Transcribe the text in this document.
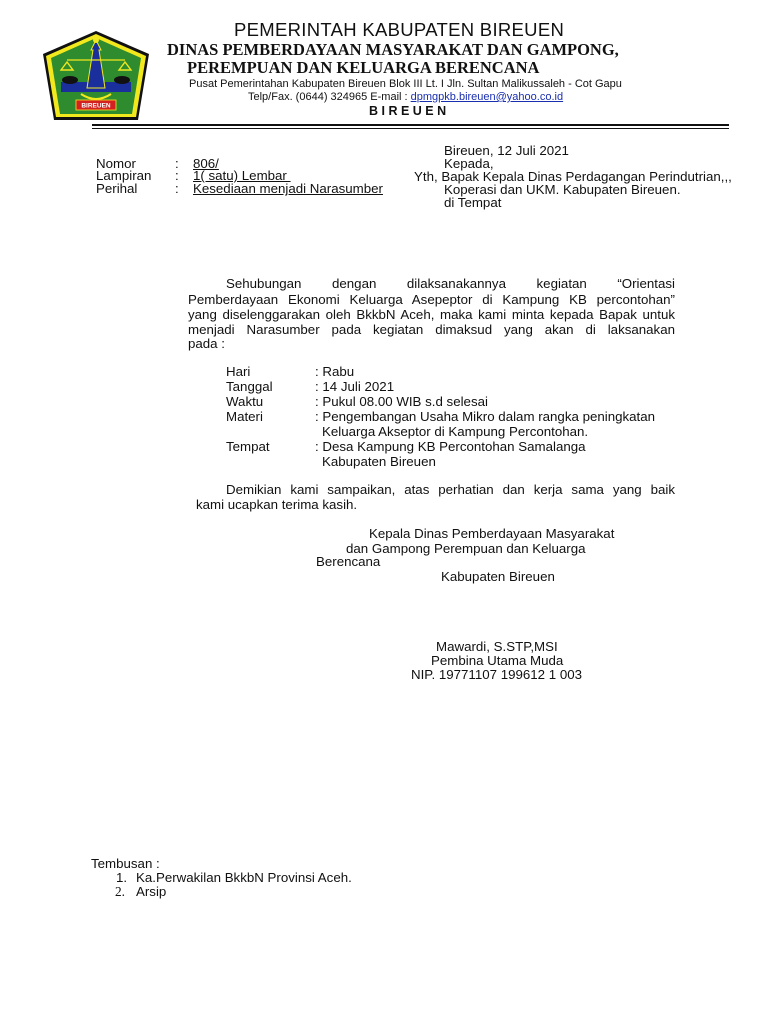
BIREUEN
PEMERINTAH KABUPATEN BIREUEN
DINAS PEMBERDAYAAN MASYARAKAT DAN GAMPONG,
PEREMPUAN DAN KELUARGA BERENCANA
Pusat Pemerintahan Kabupaten Bireuen Blok III Lt. I Jln. Sultan Malikussaleh - Cot Gapu
Telp/Fax. (0644) 324965 E-mail : dpmgpkb.bireuen@yahoo.co.id
B I R E U E N
Bireuen, 12 Juli 2021
Kepada,
Yth, Bapak Kepala Dinas Perdagangan Perindutrian,,,
Koperasi dan UKM. Kabupaten Bireuen.
di Tempat
Nomor	: 806/
Lampiran : 1( satu) Lembar
Perihal	: Kesediaan menjadi Narasumber
Sehubungan dengan dilaksanakannya kegiatan “Orientasi
Pemberdayaan Ekonomi Keluarga Asepeptor di Kampung KB percontohan”
yang diselenggarakan oleh BkkbN Aceh, maka kami minta kepada Bapak untuk
menjadi Narasumber pada kegiatan dimaksud yang akan di laksanakan
pada :
Hari	: Rabu
Tanggal	: 14 Juli 2021
Waktu	: Pukul 08.00 WIB s.d selesai
Materi	: Pengembangan Usaha Mikro dalam rangka peningkatan
Keluarga Akseptor di Kampung Percontohan.
Tempat	: Desa Kampung KB Percontohan Samalanga
Kabupaten Bireuen
Demikian kami sampaikan, atas perhatian dan kerja sama yang baik
kami ucapkan terima kasih.
Kepala Dinas Pemberdayaan Masyarakat
dan Gampong Perempuan dan Keluarga
Berencana
Kabupaten Bireuen
Mawardi, S.STP,MSI
Pembina Utama Muda
NIP. 19771107 199612 1 003
Tembusan :
1. Ka.Perwakilan BkkbN Provinsi Aceh.
2. Arsip
